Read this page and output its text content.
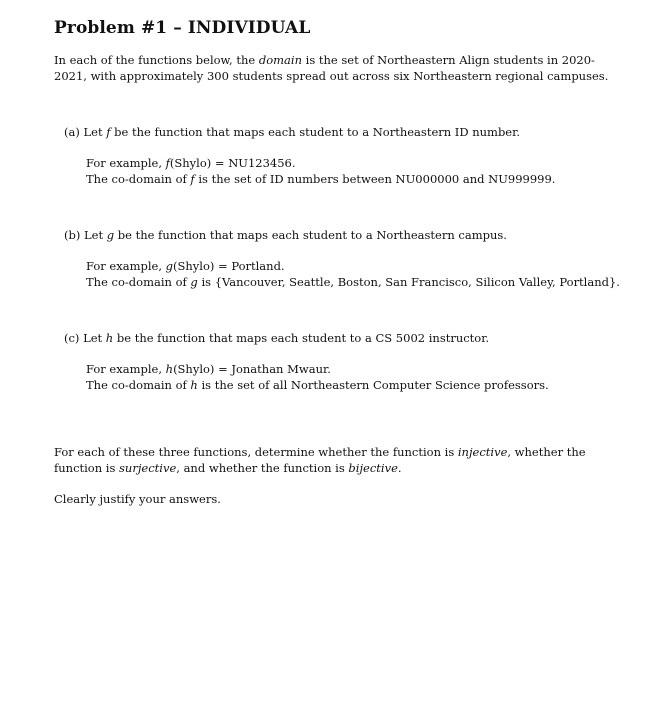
Problem #1 – INDIVIDUAL
In each of the functions below, the domain is the set of Northeastern Align students in 2020-2021, with approximately 300 students spread out across six Northeastern regional campuses.
(a) Let f be the function that maps each student to a Northeastern ID number.
For example, f(Shylo) = NU123456.
The co-domain of f is the set of ID numbers between NU000000 and NU999999.
(b) Let g be the function that maps each student to a Northeastern campus.
For example, g(Shylo) = Portland.
The co-domain of g is {Vancouver, Seattle, Boston, San Francisco, Silicon Valley, Portland}.
(c) Let h be the function that maps each student to a CS 5002 instructor.
For example, h(Shylo) = Jonathan Mwaur.
The co-domain of h is the set of all Northeastern Computer Science professors.
For each of these three functions, determine whether the function is injective, whether the function is surjective, and whether the function is bijective.
Clearly justify your answers.
